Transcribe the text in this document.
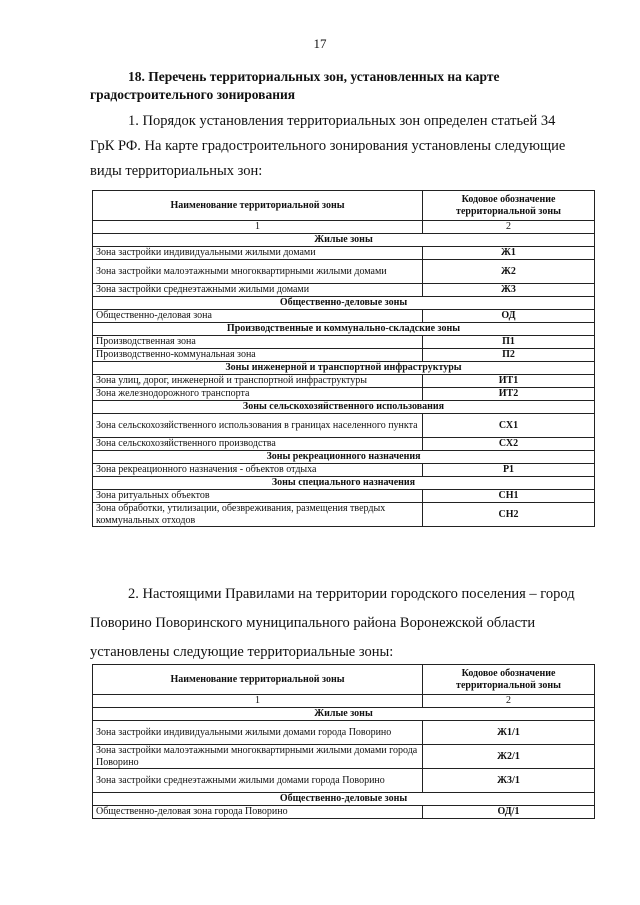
17
18. Перечень территориальных зон, установленных на карте
градостроительного зонирования
1. Порядок установления территориальных зон определен статьей 34
ГрК РФ. На карте градостроительного зонирования установлены следующие
виды территориальных зон:
Наименование территориальной зоны	Кодовое обозначение территориальной зоны
1	2
Жилые зоны	
Зона застройки индивидуальными жилыми домами	Ж1
Зона застройки малоэтажными многоквартирными жилыми домами	Ж2
Зона застройки среднеэтажными жилыми домами	Ж3
Общественно-деловые зоны	
Общественно-деловая зона	ОД
Производственные и коммунально-складские зоны	
Производственная зона	П1
Производственно-коммунальная зона	П2
Зоны инженерной и транспортной инфраструктуры	
Зона улиц, дорог, инженерной и транспортной инфраструктуры	ИТ1
Зона железнодорожного транспорта	ИТ2
Зоны сельскохозяйственного использования	
Зона сельскохозяйственного использования в границах населенного пункта	СХ1
Зона сельскохозяйственного производства	СХ2
Зоны рекреационного назначения	
Зона рекреационного назначения - объектов отдыха	Р1
Зоны специального назначения	
Зона ритуальных объектов	СН1
Зона обработки, утилизации, обезвреживания, размещения твердых коммунальных отходов	СН2
2. Настоящими Правилами на территории городского поселения – город
Поворино Поворинского муниципального района Воронежской области
установлены следующие территориальные зоны:
Наименование территориальной зоны	Кодовое обозначение территориальной зоны
1	2
Жилые зоны	
Зона застройки индивидуальными жилыми домами города Поворино	Ж1/1
Зона застройки малоэтажными многоквартирными жилыми домами города Поворино	Ж2/1
Зона застройки среднеэтажными жилыми домами города Поворино	Ж3/1
Общественно-деловые зоны	
Общественно-деловая зона города Поворино	ОД/1
